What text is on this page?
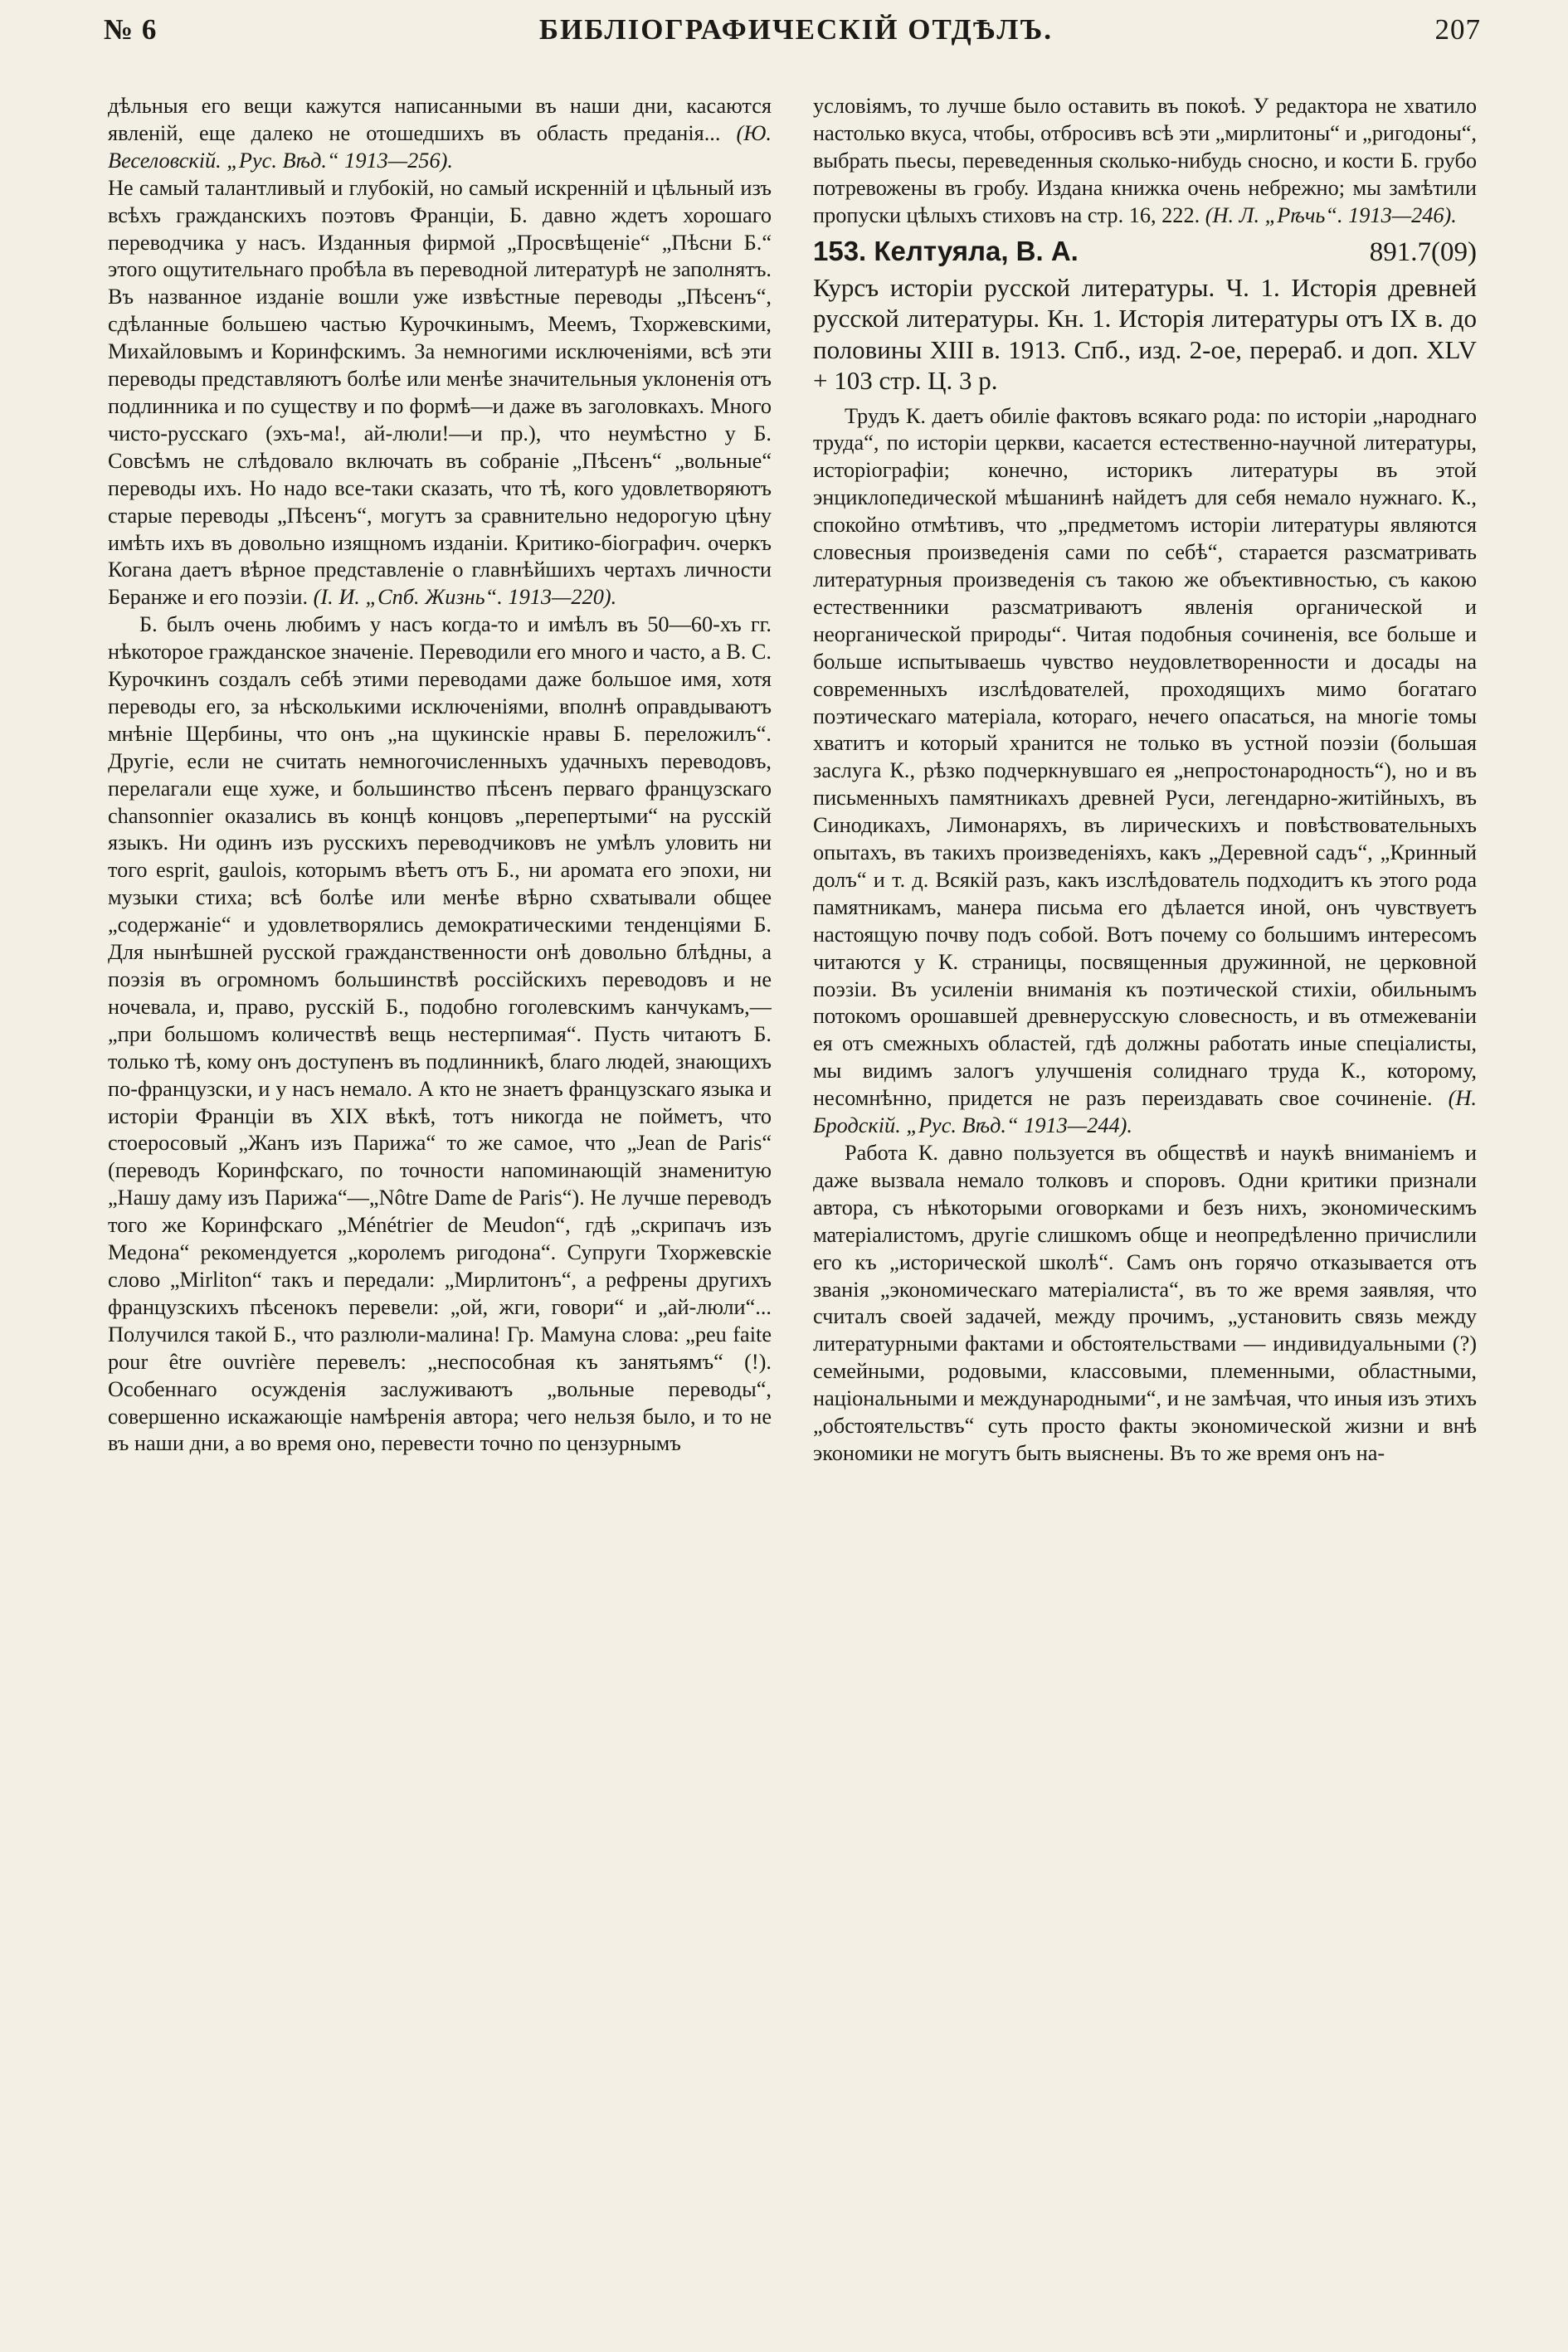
№ 6	БИБЛIОГРАФИЧЕСКIЙ ОТДѢЛЪ.	207

дѣльныя его вещи кажутся написанными въ наши дни, касаются явленій, еще далеко не отошедшихъ въ область преданія... (Ю. Веселовскій. „Рус. Вѣд.“ 1913—256).

Не самый талантливый и глубокій, но самый искренній и цѣльный изъ всѣхъ гражданскихъ поэтовъ Франціи, Б. давно ждетъ хорошаго переводчика у насъ. Изданныя фирмой „Просвѣщеніе“ „Пѣсни Б.“ этого ощутительнаго пробѣла въ переводной литературѣ не заполнятъ. Въ названное изданіе вошли уже извѣстные переводы „Пѣсенъ“, сдѣланные большею частью Курочкинымъ, Меемъ, Тхоржевскими, Михайловымъ и Коринфскимъ. За немногими исключеніями, всѣ эти переводы представляютъ болѣе или менѣе значительныя уклоненія отъ подлинника и по существу и по формѣ—и даже въ заголовкахъ. Много чисто-русскаго (эхъ-ма!, ай-люли!—и пр.), что неумѣстно у Б. Совсѣмъ не слѣдовало включать въ собраніе „Пѣсенъ“ „вольные“ переводы ихъ. Но надо все-таки сказать, что тѣ, кого удовлетворяютъ старые переводы „Пѣсенъ“, могутъ за сравнительно недорогую цѣну имѣть ихъ въ довольно изящномъ изданіи. Критико-біографич. очеркъ Когана даетъ вѣрное представленіе о главнѣйшихъ чертахъ личности Беранже и его поэзіи. (I. И. „Спб. Жизнь“. 1913—220).

Б. былъ очень любимъ у насъ когда-то и имѣлъ въ 50—60-хъ гг. нѣкоторое гражданское значеніе. Переводили его много и часто, а В. С. Курочкинъ создалъ себѣ этими переводами даже большое имя, хотя переводы его, за нѣсколькими исключеніями, вполнѣ оправдываютъ мнѣніе Щербины, что онъ „на щукинскіе нравы Б. переложилъ“. Другіе, если не считать немногочисленныхъ удачныхъ переводовъ, перелагали еще хуже, и большинство пѣсенъ перваго французскаго chansonnier оказались въ концѣ концовъ „перепертыми“ на русскій языкъ. Ни одинъ изъ русскихъ переводчиковъ не умѣлъ уловить ни того esprit, gaulois, которымъ вѣетъ отъ Б., ни аромата его эпохи, ни музыки стиха; всѣ болѣе или менѣе вѣрно схватывали общее „содержаніе“ и удовлетворялись демократическими тенденціями Б. Для нынѣшней русской гражданственности онѣ довольно блѣдны, а поэзія въ огромномъ большинствѣ россійскихъ переводовъ и не ночевала, и, право, русскій Б., подобно гоголевскимъ канчукамъ,—„при большомъ количествѣ вещь нестерпимая“. Пусть читаютъ Б. только тѣ, кому онъ доступенъ въ подлинникѣ, благо людей, знающихъ по-французски, и у насъ немало. А кто не знаетъ французскаго языка и исторіи Франціи въ XIX вѣкѣ, тотъ никогда не пойметъ, что стоеросовый „Жанъ изъ Парижа“ то же самое, что „Jean de Paris“ (переводъ Коринфскаго, по точности напоминающій знаменитую „Нашу даму изъ Парижа“—„Nôtre Dame de Paris“). Не лучше переводъ того же Коринфскаго „Ménétrier de Meudon“, гдѣ „скрипачъ изъ Медона“ рекомендуется „королемъ ригодона“. Супруги Тхоржевскіе слово „Mirliton“ такъ и передали: „Мирлитонъ“, а рефрены другихъ французскихъ пѣсенокъ перевели: „ой, жги, говори“ и „ай-люли“... Получился такой Б., что разлюли-малина! Гр. Мамуна слова: „peu faite pour être ouvrière перевелъ: „неспособная къ занятьямъ“ (!). Особеннаго осужденія заслуживаютъ „вольные переводы“, совершенно искажающіе намѣренія автора; чего нельзя было, и то не въ наши дни, а во время оно, перевести точно по цензурнымъ

условіямъ, то лучше было оставить въ покоѣ. У редактора не хватило настолько вкуса, чтобы, отбросивъ всѣ эти „мирлитоны“ и „ригодоны“, выбрать пьесы, переведенныя сколько-нибудь сносно, и кости Б. грубо потревожены въ гробу. Издана книжка очень небрежно; мы замѣтили пропуски цѣлыхъ стиховъ на стр. 16, 222. (Н. Л. „Рѣчь“. 1913—246).

153. Келтуяла, В. А.	891.7(09)

Курсъ исторіи русской литературы. Ч. 1. Исторія древней русской литературы. Кн. 1. Исторія литературы отъ IX в. до половины XIII в. 1913. Спб., изд. 2-ое, перераб. и доп. XLV + 103 стр. Ц. 3 р.

Трудъ К. даетъ обиліе фактовъ всякаго рода: по исторіи „народнаго труда“, по исторіи церкви, касается естественно-научной литературы, исторіографіи; конечно, историкъ литературы въ этой энциклопедической мѣшанинѣ найдетъ для себя немало нужнаго. К., спокойно отмѣтивъ, что „предметомъ исторіи литературы являются словесныя произведенія сами по себѣ“, старается разсматривать литературныя произведенія съ такою же объективностью, съ какою естественники разсматриваютъ явленія органической и неорганической природы“. Читая подобныя сочиненія, все больше и больше испытываешь чувство неудовлетворенности и досады на современныхъ изслѣдователей, проходящихъ мимо богатаго поэтическаго матеріала, котораго, нечего опасаться, на многіе томы хватитъ и который хранится не только въ устной поэзіи (большая заслуга К., рѣзко подчеркнувшаго ея „непростонародность“), но и въ письменныхъ памятникахъ древней Руси, легендарно-житійныхъ, въ Синодикахъ, Лимонаряхъ, въ лирическихъ и повѣствовательныхъ опытахъ, въ такихъ произведеніяхъ, какъ „Деревной садъ“, „Кринный долъ“ и т. д. Всякій разъ, какъ изслѣдователь подходитъ къ этого рода памятникамъ, манера письма его дѣлается иной, онъ чувствуетъ настоящую почву подъ собой. Вотъ почему со большимъ интересомъ читаются у К. страницы, посвященныя дружинной, не церковной поэзіи. Въ усиленіи вниманія къ поэтической стихіи, обильнымъ потокомъ орошавшей древнерусскую словесность, и въ отмежеваніи ея отъ смежныхъ областей, гдѣ должны работать иные спеціалисты, мы видимъ залогъ улучшенія солиднаго труда К., которому, несомнѣнно, придется не разъ переиздавать свое сочиненіе. (Н. Бродскій. „Рус. Вѣд.“ 1913—244).

Работа К. давно пользуется въ обществѣ и наукѣ вниманіемъ и даже вызвала немало толковъ и споровъ. Одни критики признали автора, съ нѣкоторыми оговорками и безъ нихъ, экономическимъ матеріалистомъ, другіе слишкомъ обще и неопредѣленно причислили его къ „исторической школѣ“. Самъ онъ горячо отказывается отъ званія „экономическаго матеріалиста“, въ то же время заявляя, что считалъ своей задачей, между прочимъ, „установить связь между литературными фактами и обстоятельствами — индивидуальными (?) семейными, родовыми, классовыми, племенными, областными, національными и международными“, и не замѣчая, что иныя изъ этихъ „обстоятельствъ“ суть просто факты экономической жизни и внѣ экономики не могутъ быть выяснены. Въ то же время онъ на-
